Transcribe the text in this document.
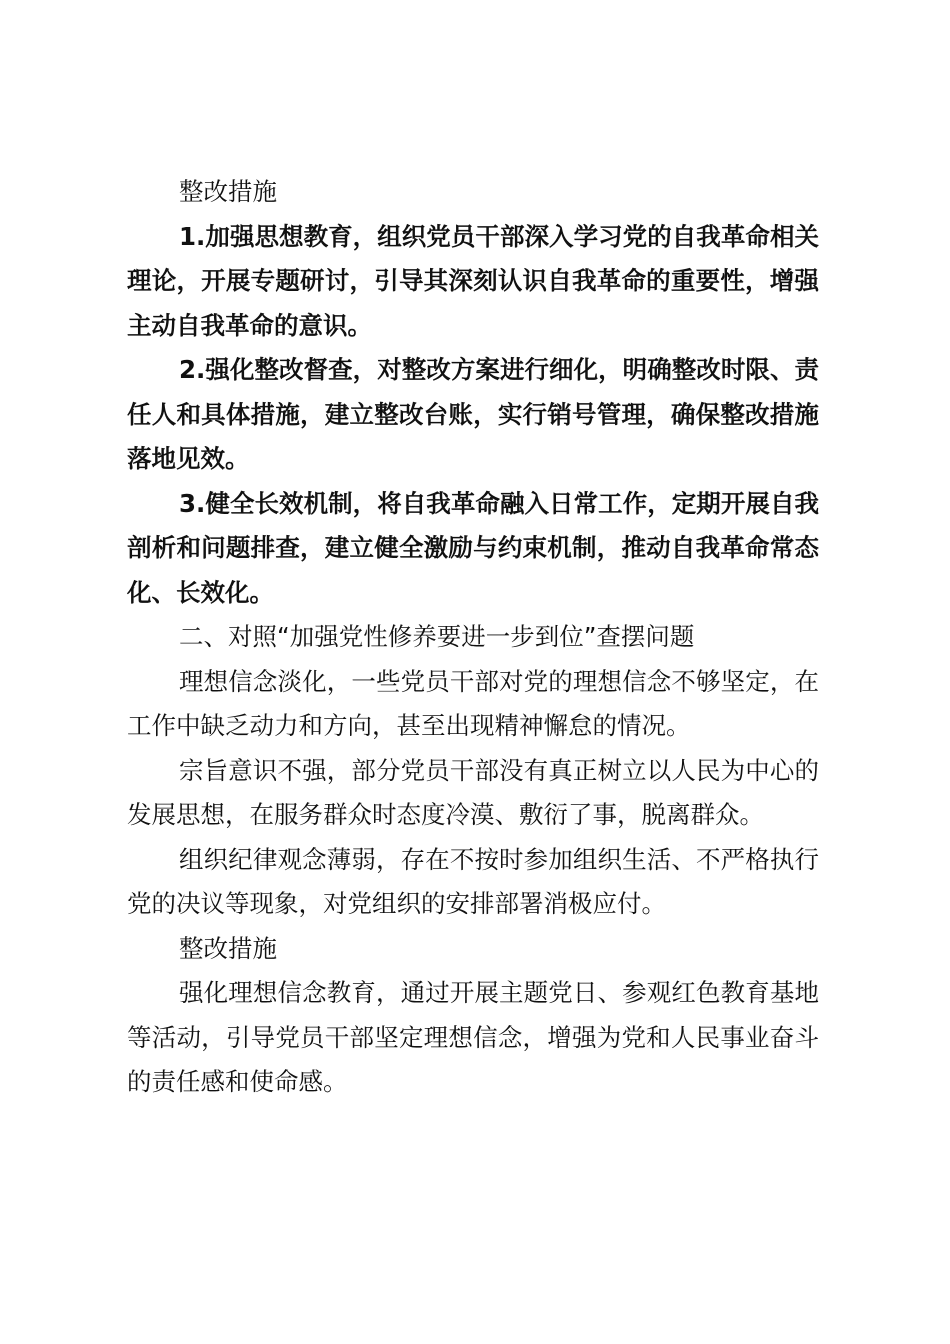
整改措施

1.加强思想教育，组织党员干部深入学习党的自我革命相关理论，开展专题研讨，引导其深刻认识自我革命的重要性，增强主动自我革命的意识。

2.强化整改督查，对整改方案进行细化，明确整改时限、责任人和具体措施，建立整改台账，实行销号管理，确保整改措施落地见效。

3.健全长效机制，将自我革命融入日常工作，定期开展自我剖析和问题排查，建立健全激励与约束机制，推动自我革命常态化、长效化。

二、对照“加强党性修养要进一步到位”查摆问题

理想信念淡化，一些党员干部对党的理想信念不够坚定，在工作中缺乏动力和方向，甚至出现精神懈怠的情况。

宗旨意识不强，部分党员干部没有真正树立以人民为中心的发展思想，在服务群众时态度冷漠、敷衍了事，脱离群众。

组织纪律观念薄弱，存在不按时参加组织生活、不严格执行党的决议等现象，对党组织的安排部署消极应付。

整改措施

强化理想信念教育，通过开展主题党日、参观红色教育基地等活动，引导党员干部坚定理想信念，增强为党和人民事业奋斗的责任感和使命感。
